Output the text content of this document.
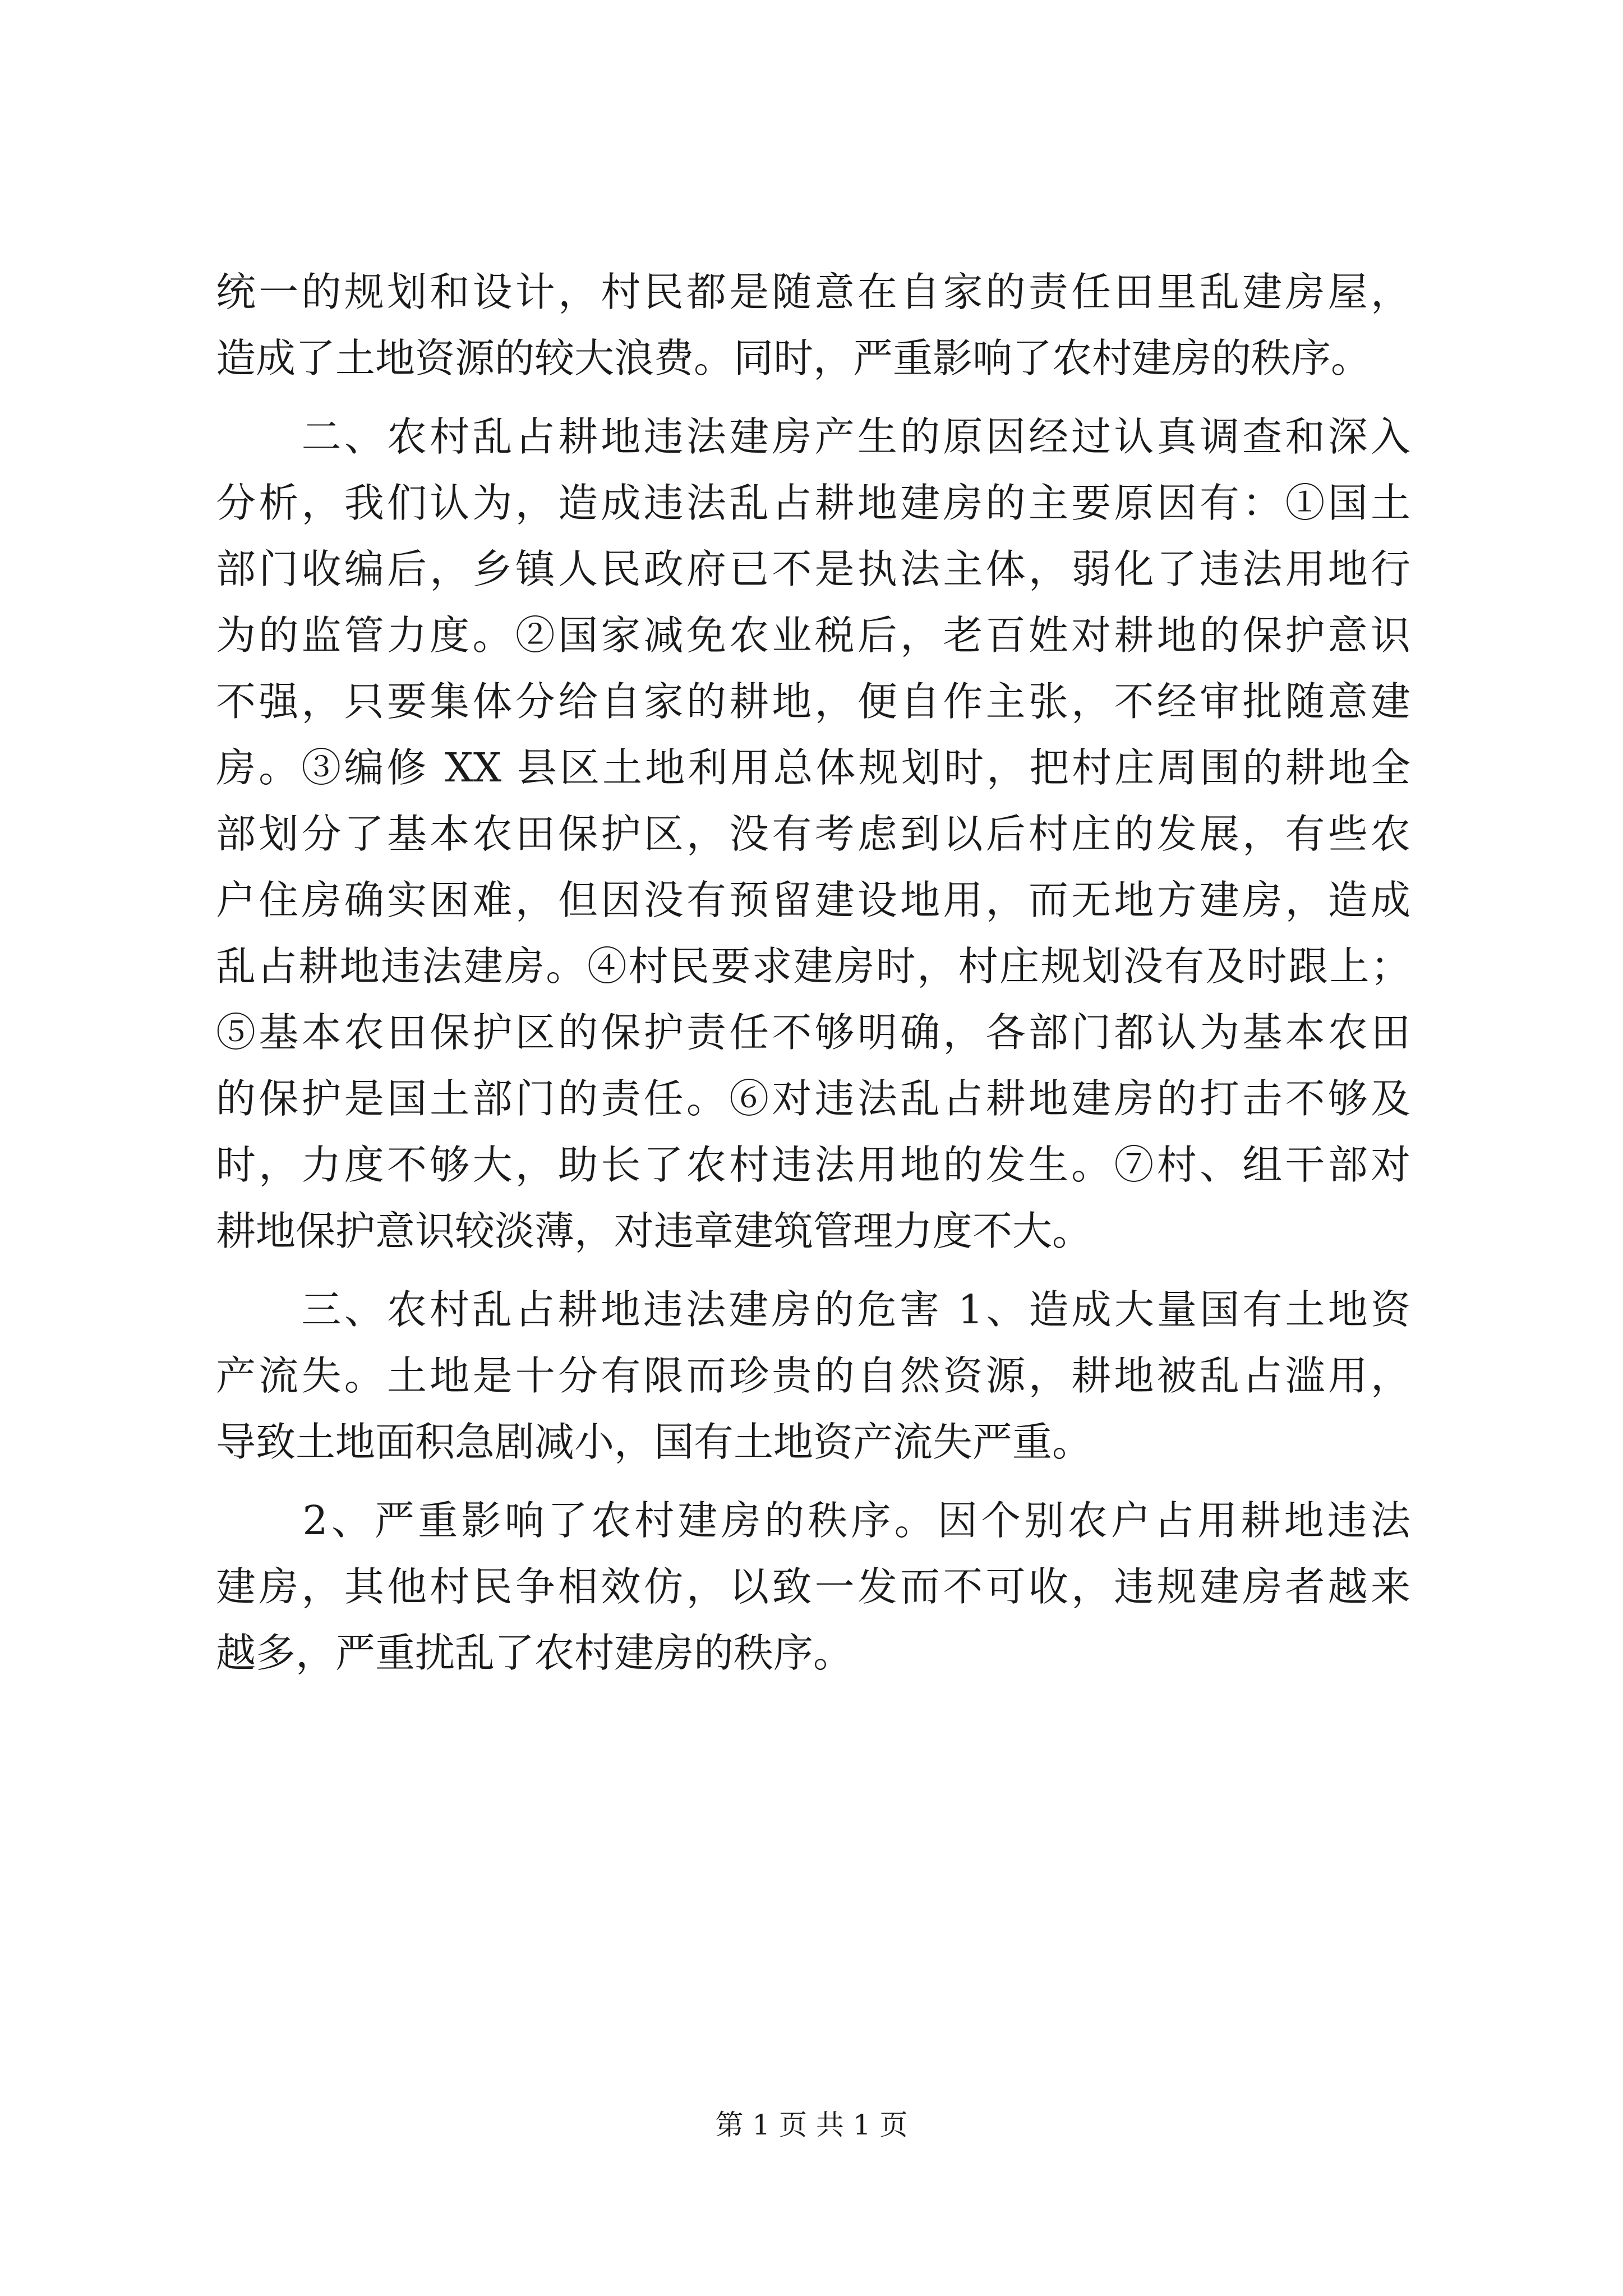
统一的规划和设计，村民都是随意在自家的责任田里乱建房屋，
造成了土地资源的较大浪费。同时，严重影响了农村建房的秩序。
　　二、农村乱占耕地违法建房产生的原因经过认真调查和深入
分析，我们认为，造成违法乱占耕地建房的主要原因有：①国土
部门收编后，乡镇人民政府已不是执法主体，弱化了违法用地行
为的监管力度。②国家减免农业税后，老百姓对耕地的保护意识
不强，只要集体分给自家的耕地，便自作主张，不经审批随意建
房。③编修 XX 县区土地利用总体规划时，把村庄周围的耕地全
部划分了基本农田保护区，没有考虑到以后村庄的发展，有些农
户住房确实困难，但因没有预留建设地用，而无地方建房，造成
乱占耕地违法建房。④村民要求建房时，村庄规划没有及时跟上；
⑤基本农田保护区的保护责任不够明确，各部门都认为基本农田
的保护是国土部门的责任。⑥对违法乱占耕地建房的打击不够及
时，力度不够大，助长了农村违法用地的发生。⑦村、组干部对
耕地保护意识较淡薄，对违章建筑管理力度不大。
　　三、农村乱占耕地违法建房的危害 1、造成大量国有土地资
产流失。土地是十分有限而珍贵的自然资源，耕地被乱占滥用，
导致土地面积急剧减小，国有土地资产流失严重。
　　2、严重影响了农村建房的秩序。因个别农户占用耕地违法
建房，其他村民争相效仿，以致一发而不可收，违规建房者越来
越多，严重扰乱了农村建房的秩序。
第 1 页 共 1 页
